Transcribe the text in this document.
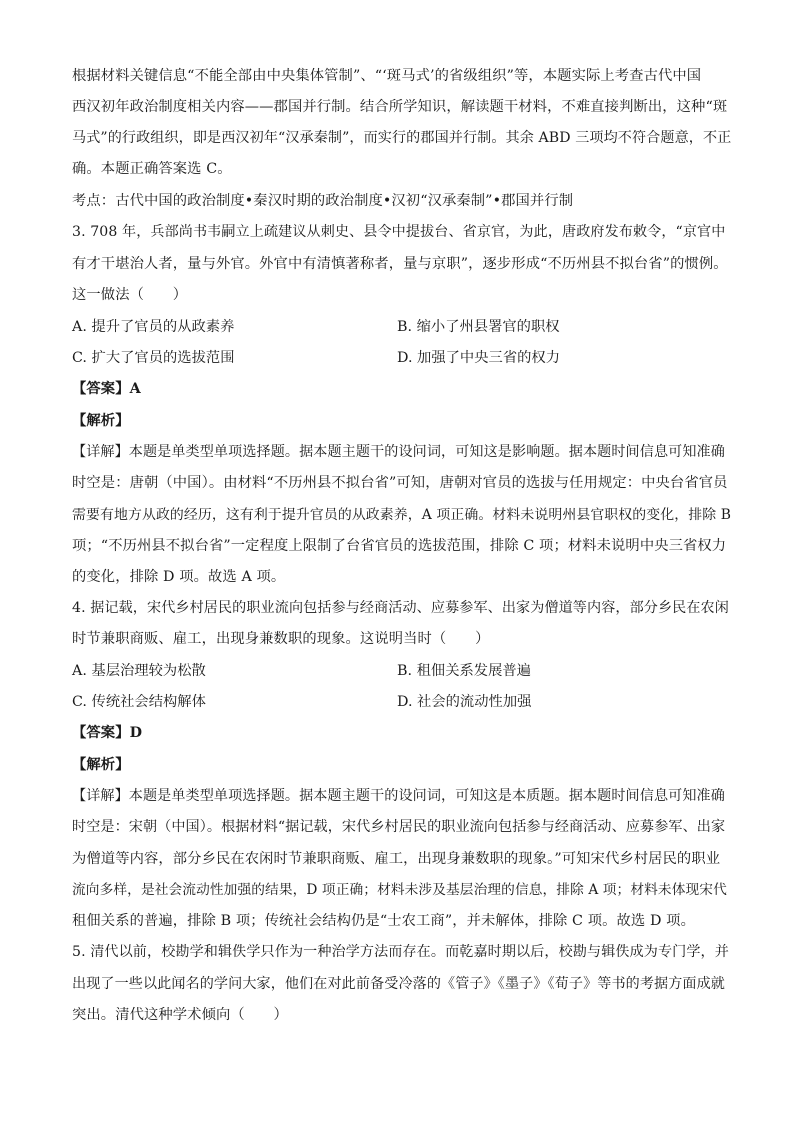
根据材料关键信息“不能全部由中央集体管制”、“‘斑马式’的省级组织”等，本题实际上考查古代中国
西汉初年政治制度相关内容——郡国并行制。结合所学知识，解读题干材料，不难直接判断出，这种“斑
马式”的行政组织，即是西汉初年“汉承秦制”，而实行的郡国并行制。其余 ABD 三项均不符合题意，不正
确。本题正确答案选 C。
考点：古代中国的政治制度•秦汉时期的政治制度•汉初“汉承秦制”•郡国并行制
3. 708 年，兵部尚书韦嗣立上疏建议从刺史、县令中提拔台、省京官，为此，唐政府发布敕令，“京官中
有才干堪治人者，量与外官。外官中有清慎著称者，量与京职”，逐步形成“不历州县不拟台省”的惯例。
这一做法（　　）
A. 提升了官员的从政素养	B. 缩小了州县署官的职权
C. 扩大了官员的选拔范围	D. 加强了中央三省的权力
【答案】A
【解析】
【详解】本题是单类型单项选择题。据本题主题干的设问词，可知这是影响题。据本题时间信息可知准确
时空是：唐朝（中国）。由材料“不历州县不拟台省”可知，唐朝对官员的选拔与任用规定：中央台省官员
需要有地方从政的经历，这有利于提升官员的从政素养，A 项正确。材料未说明州县官职权的变化，排除 B
项；“不历州县不拟台省”一定程度上限制了台省官员的选拔范围，排除 C 项；材料未说明中央三省权力
的变化，排除 D 项。故选 A 项。
4. 据记载，宋代乡村居民的职业流向包括参与经商活动、应募参军、出家为僧道等内容，部分乡民在农闲
时节兼职商贩、雇工，出现身兼数职的现象。这说明当时（　　）
A. 基层治理较为松散	B. 租佃关系发展普遍
C. 传统社会结构解体	D. 社会的流动性加强
【答案】D
【解析】
【详解】本题是单类型单项选择题。据本题主题干的设问词，可知这是本质题。据本题时间信息可知准确
时空是：宋朝（中国）。根据材料“据记载，宋代乡村居民的职业流向包括参与经商活动、应募参军、出家
为僧道等内容，部分乡民在农闲时节兼职商贩、雇工，出现身兼数职的现象。”可知宋代乡村居民的职业
流向多样，是社会流动性加强的结果，D 项正确；材料未涉及基层治理的信息，排除 A 项；材料未体现宋代
租佃关系的普遍，排除 B 项；传统社会结构仍是“士农工商”，并未解体，排除 C 项。故选 D 项。
5. 清代以前，校勘学和辑佚学只作为一种治学方法而存在。而乾嘉时期以后，校勘与辑佚成为专门学，并
出现了一些以此闻名的学问大家，他们在对此前备受冷落的《管子》《墨子》《荀子》等书的考据方面成就
突出。清代这种学术倾向（　　）
